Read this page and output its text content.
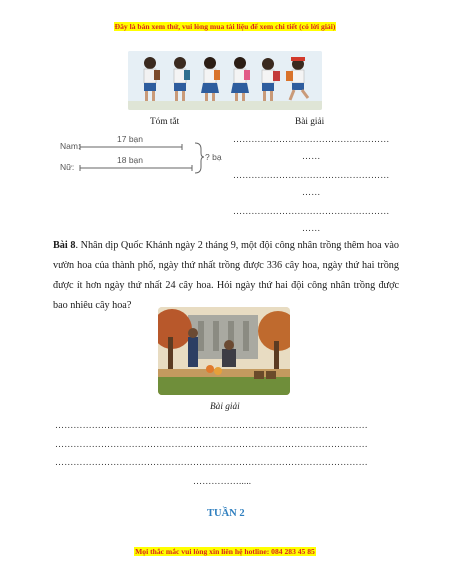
Đây là bản xem thử, vui lòng mua tài liệu để xem chi tiết (có lời giải)
Tóm tắt	Bài giải
Nam:
Nữ:
17 bạn
18 bạn	? bạ
……………………………………………
……
……………………………………………
……
……………………………………………
……
Bài 8. Nhân dịp Quốc Khánh ngày 2 tháng 9, một đội công nhân trồng thêm hoa vào vườn hoa của thành phố, ngày thứ nhất trồng được 336 cây hoa, ngày thứ hai trồng được ít hơn ngày thứ nhất 24 cây hoa. Hỏi ngày thứ hai đội công nhân trồng được bao nhiêu cây hoa?
Bài giải
…………………………………………………………………………………………
…………………………………………………………………………………………
…………………………………………………………………………………………
…………….....
TUẦN 2
Mọi thắc mắc vui lòng xin liên hệ hotline: 084 283 45 85
